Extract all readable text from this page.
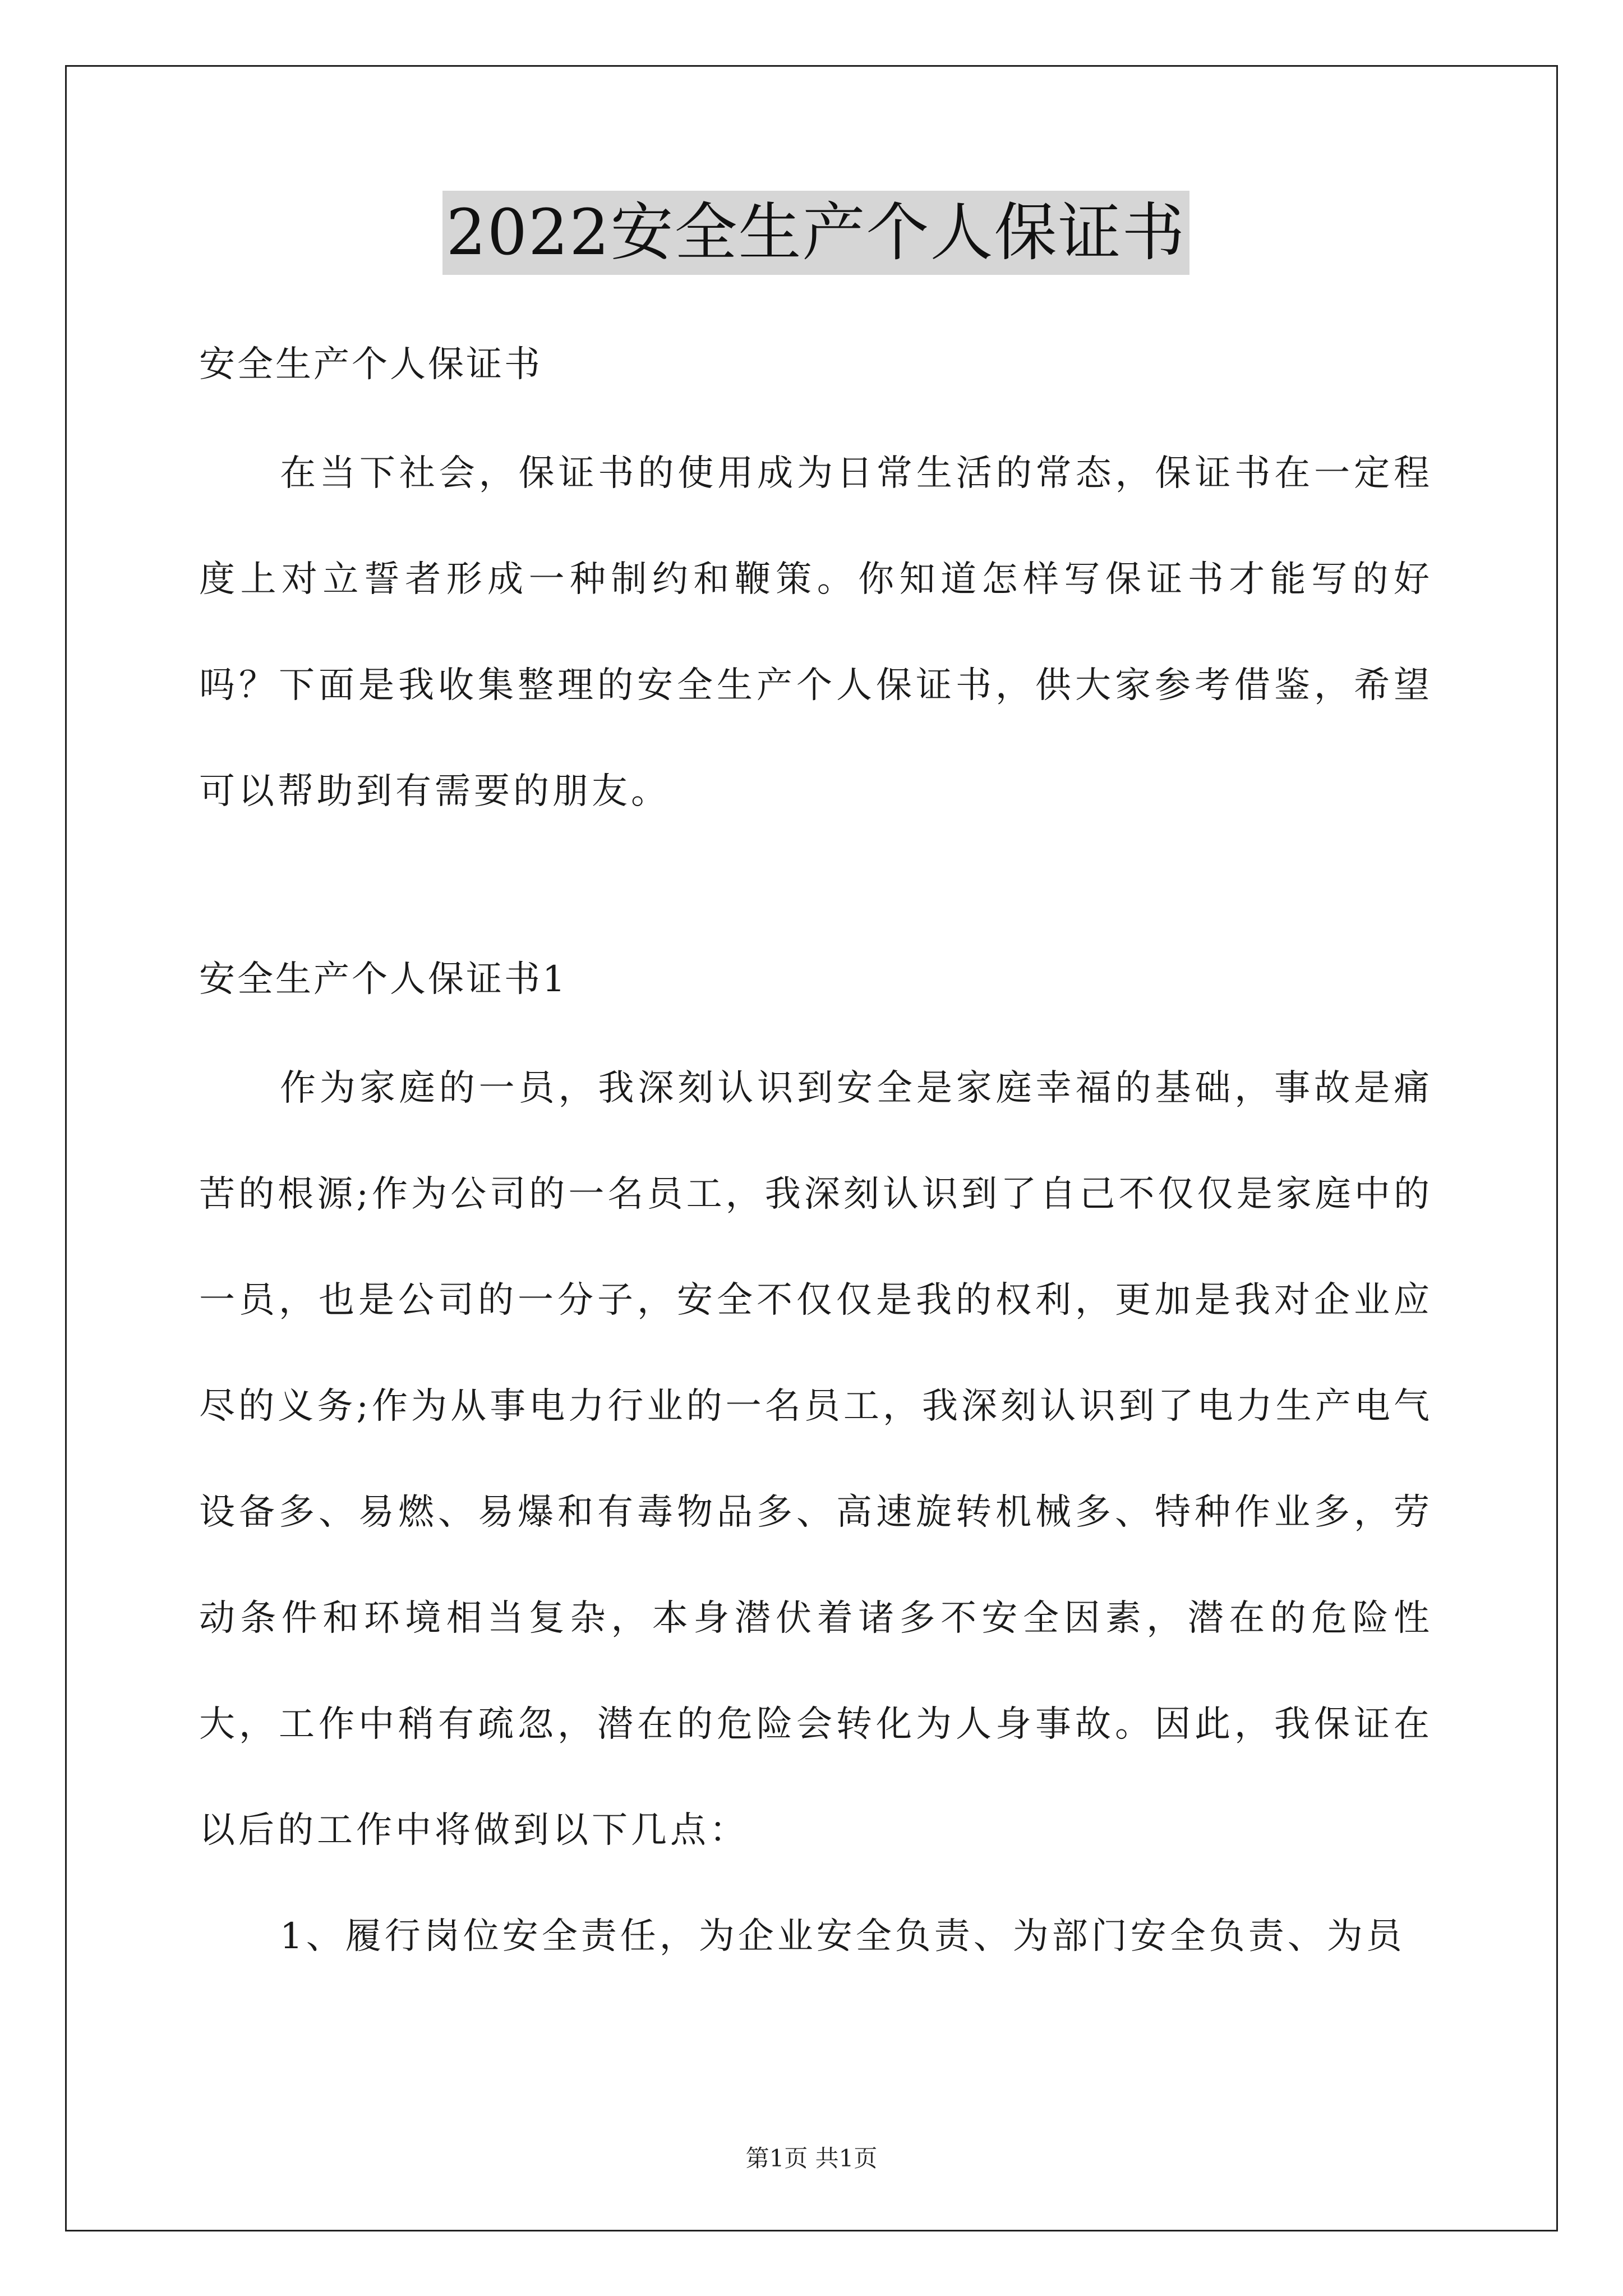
2022安全生产个人保证书

安全生产个人保证书

在当下社会，保证书的使用成为日常生活的常态，保证书在一定程度上对立誓者形成一种制约和鞭策。你知道怎样写保证书才能写的好吗？下面是我收集整理的安全生产个人保证书，供大家参考借鉴，希望可以帮助到有需要的朋友。

安全生产个人保证书1

作为家庭的一员，我深刻认识到安全是家庭幸福的基础，事故是痛苦的根源;作为公司的一名员工，我深刻认识到了自己不仅仅是家庭中的一员，也是公司的一分子，安全不仅仅是我的权利，更加是我对企业应尽的义务;作为从事电力行业的一名员工，我深刻认识到了电力生产电气设备多、易燃、易爆和有毒物品多、高速旋转机械多、特种作业多，劳动条件和环境相当复杂，本身潜伏着诸多不安全因素，潜在的危险性大，工作中稍有疏忽，潜在的危险会转化为人身事故。因此，我保证在以后的工作中将做到以下几点：

1、履行岗位安全责任，为企业安全负责、为部门安全负责、为员

第1页 共1页
